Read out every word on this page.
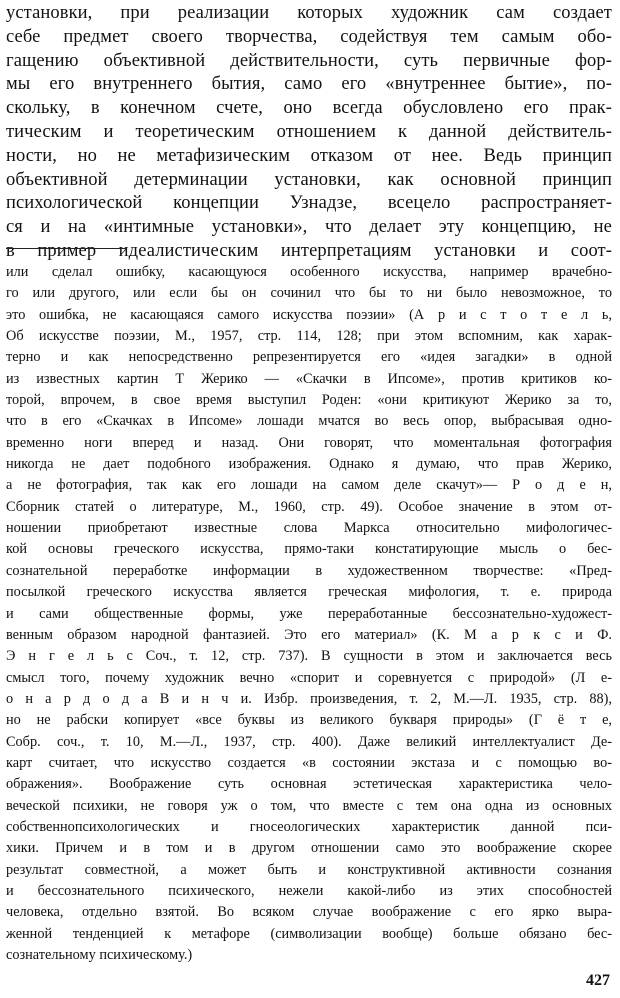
установки, при реализации которых художник сам создает
себе предмет своего творчества, содействуя тем самым обо-
гащению объективной действительности, суть первичные фор-
мы его внутреннего бытия, само его «внутреннее бытие», по-
скольку, в конечном счете, оно всегда обусловлено его прак-
тическим и теоретическим отношением к данной действитель-
ности, но не метафизическим отказом от нее. Ведь принцип
объективной детерминации установки, как основной принцип
психологической концепции Узнадзе, всецело распространяет-
ся и на «интимные установки», что делает эту концепцию, не
в пример идеалистическим интерпретациям установки и соот-
или сделал ошибку, касающуюся особенного искусства, например врачебно-
го или другого, или если бы он сочинил что бы то ни было невозможное, то
это ошибка, не касающаяся самого искусства поэзии» (А р и с т о т е л ь,
Об искусстве поэзии, М., 1957, стр. 114, 128; при этом вспомним, как харак-
терно и как непосредственно репрезентируется его «идея загадки» в одной
из известных картин Т Жерико — «Скачки в Ипсоме», против критиков ко-
торой, впрочем, в свое время выступил Роден: «они критикуют Жерико за то,
что в его «Скачках в Ипсоме» лошади мчатся во весь опор, выбрасывая одно-
временно ноги вперед и назад. Они говорят, что моментальная фотография
никогда не дает подобного изображения. Однако я думаю, что прав Жерико,
а не фотография, так как его лошади на самом деле скачут»— Р о д е н,
Сборник статей о литературе, М., 1960, стр. 49). Особое значение в этом от-
ношении приобретают известные слова Маркса относительно мифологичес-
кой основы греческого искусства, прямо-таки констатирующие мысль о бес-
сознательной переработке информации в художественном творчестве: «Пред-
посылкой греческого искусства является греческая мифология, т. е. природа
и сами общественные формы, уже переработанные бессознательно-художест-
венным образом народной фантазией. Это его материал» (К. М а р к с и Ф.
Э н г е л ь с Соч., т. 12, стр. 737). В сущности в этом и заключается весь
смысл того, почему художник вечно «спорит и соревнуется с природой» (Л е-
о н а р д о д а В и н ч и. Избр. произведения, т. 2, М.—Л. 1935, стр. 88),
но не рабски копирует «все буквы из великого букваря природы» (Г ё т е,
Собр. соч., т. 10, М.—Л., 1937, стр. 400). Даже великий интеллектуалист Де-
карт считает, что искусство создается «в состоянии экстаза и с помощью во-
ображения». Воображение суть основная эстетическая характеристика чело-
веческой психики, не говоря уж о том, что вместе с тем она одна из основных
собственнопсихологических и гносеологических характеристик данной пси-
хики. Причем и в том и в другом отношении само это воображение скорее
результат совместной, а может быть и конструктивной активности сознания
и бессознательного психического, нежели какой-либо из этих способностей
человека, отдельно взятой. Во всяком случае воображение с его ярко выра-
женной тенденцией к метафоре (символизации вообще) больше обязано бес-
сознательному психическому.)
427
